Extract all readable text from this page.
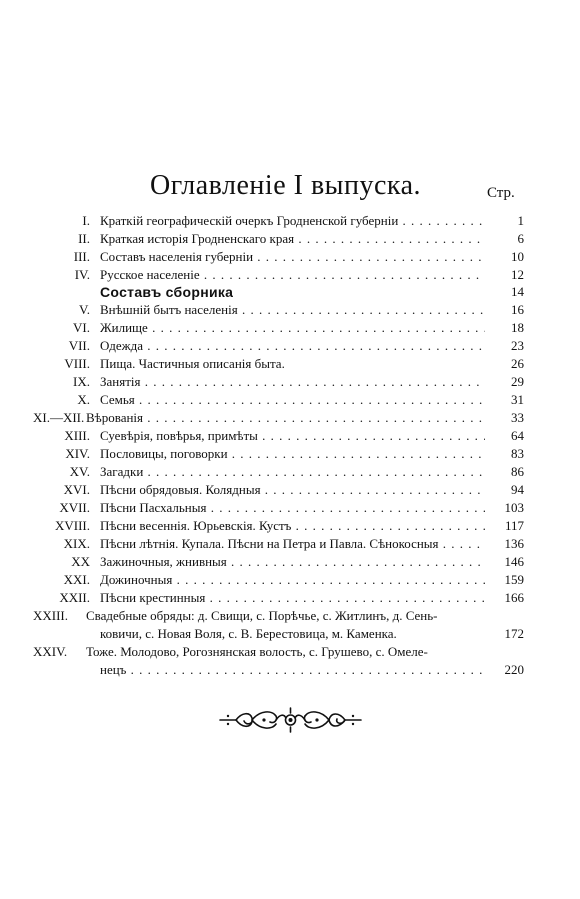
Оглавленіе I выпуска.	Стр.
I. Краткій географическій очеркъ Гродненской губерніи . . .	1
II. Краткая исторія Гродненскаго края . . .	6
III. Составъ населенія губерніи . . .	10
IV. Русское населеніе . . .	12
Составъ сборника	14
V. Внѣшній бытъ населенія . . .	16
VI. Жилище . . .	18
VII. Одежда . . .	23
VIII. Пища. Частичныя описанія быта.	26
IX. Занятія . . .	29
X. Семья . . .	31
XI.—XII. Вѣрованія . . .	33
XIII. Суевѣрія, повѣрья, примѣты . . .	64
XIV. Пословицы, поговорки . . .	83
XV. Загадки . . .	86
XVI. Пѣсни обрядовыя. Колядныя . . .	94
XVII. Пѣсни Пасхальныя . . .	103
XVIII. Пѣсни весеннія. Юрьевскія. Кустъ . . .	117
XIX. Пѣсни лѣтнія. Купала. Пѣсни на Петра и Павла. Сѣнокосныя . . .	136
XX Зажиночныя, жнивныя . . .	146
XXI. Дожиночныя . . .	159
XXII. Пѣсни крестинныя . . .	166
XXIII. Свадебные обряды: д. Свищи, с. Порѣчье, с. Житлинъ, д. Сень-
ковичи, с. Новая Воля, с. В. Берестовица, м. Каменка.	172
XXIV. Тоже. Молодово, Рогознянская волость, с. Грушево, с. Омеле-
нецъ . . .	220
